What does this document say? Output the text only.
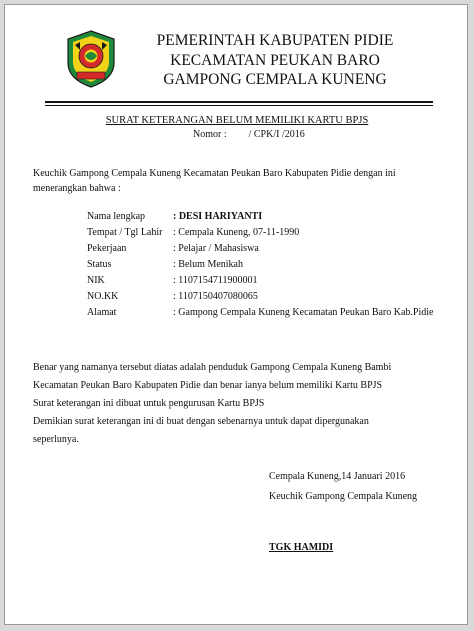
PEMERINTAH KABUPATEN PIDIE
KECAMATAN PEUKAN BARO
GAMPONG CEMPALA KUNENG
SURAT KETERANGAN BELUM MEMILIKI KARTU BPJS
Nomor : / CPK/I /2016
Keuchik Gampong Cempala Kuneng Kecamatan Peukan Baro Kabupaten Pidie dengan ini
menerangkan bahwa :
Nama lengkap	: DESI HARIYANTI
Tempat / Tgl Lahir : Cempala Kuneng, 07-11-1990
Pekerjaan	: Pelajar / Mahasiswa
Status	: Belum Menikah
NIK	: 1107154711900001
NO.KK	: 1107150407080065
Alamat	: Gampong Cempala Kuneng Kecamatan Peukan Baro Kab.Pidie

Benar yang namanya tersebut diatas adalah penduduk Gampong Cempala Kuneng Bambi

Kecamatan Peukan Baro Kabupaten Pidie dan benar ianya belum memiliki Kartu BPJS

Surat keterangan ini dibuat untuk pengurusan Kartu BPJS

Demikian surat keterangan ini di buat dengan sebenarnya untuk dapat dipergunakan

seperlunya.

Cempala Kuneng,14 Januari 2016
Keuchik Gampong Cempala Kuneng
TGK HAMIDI
